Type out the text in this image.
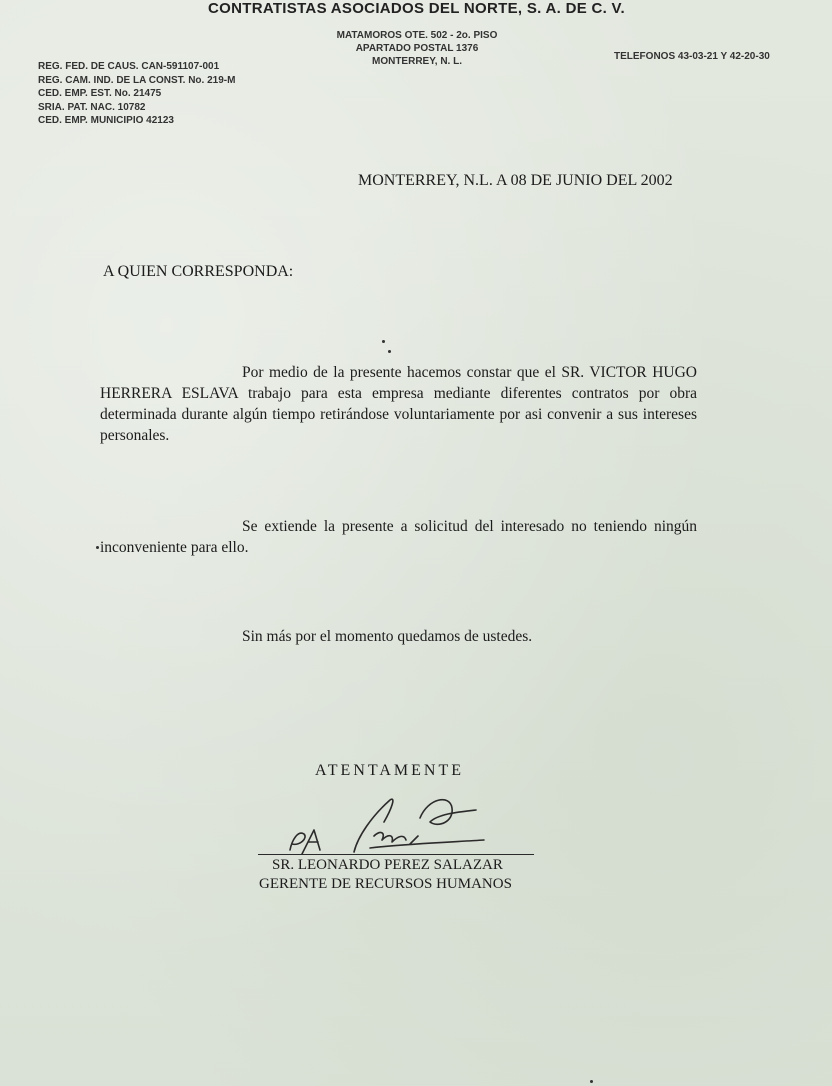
CONTRATISTAS ASOCIADOS DEL NORTE, S. A. DE C. V.
MATAMOROS OTE. 502 - 2o. PISO
APARTADO POSTAL 1376
MONTERREY, N. L.	TELEFONOS 43-03-21 Y 42-20-30
REG. FED. DE CAUS. CAN-591107-001
REG. CAM. IND. DE LA CONST. No. 219-M
CED. EMP. EST. No. 21475
SRIA. PAT. NAC. 10782
CED. EMP. MUNICIPIO 42123
MONTERREY, N.L. A 08 DE JUNIO DEL 2002
A QUIEN CORRESPONDA:
Por medio de la presente hacemos constar que el SR. VICTOR HUGO HERRERA ESLAVA trabajo para esta empresa mediante diferentes contratos por obra determinada durante algún tiempo retirándose voluntariamente por asi convenir a sus intereses personales.
Se extiende la presente a solicitud del interesado no teniendo ningún inconveniente para ello.
Sin más por el momento quedamos de ustedes.
ATENTAMENTE
SR. LEONARDO PEREZ SALAZAR
GERENTE DE RECURSOS HUMANOS
